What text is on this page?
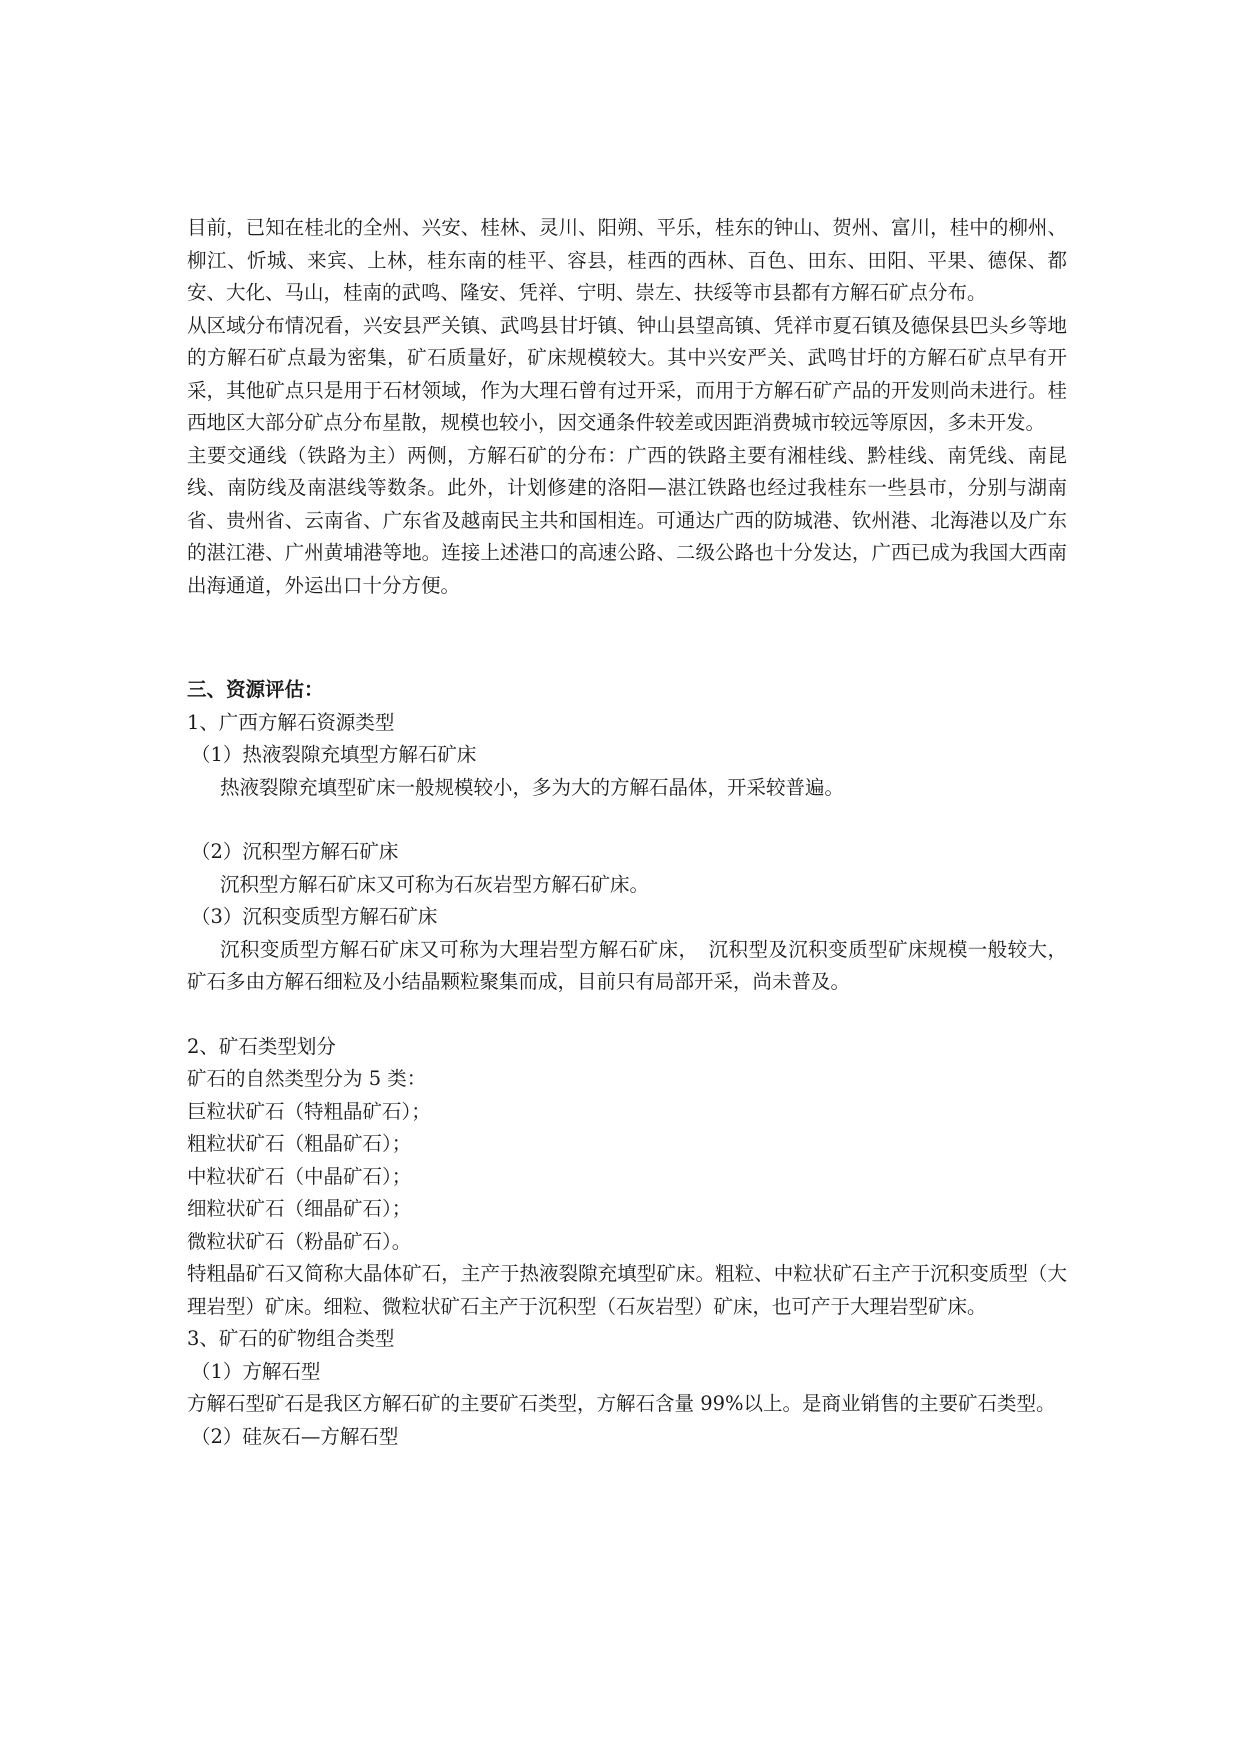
目前，已知在桂北的全州、兴安、桂林、灵川、阳朔、平乐，桂东的钟山、贺州、富川，桂中的柳州、柳江、忻城、来宾、上林，桂东南的桂平、容县，桂西的西林、百色、田东、田阳、平果、德保、都安、大化、马山，桂南的武鸣、隆安、凭祥、宁明、崇左、扶绥等市县都有方解石矿点分布。

从区域分布情况看，兴安县严关镇、武鸣县甘圩镇、钟山县望高镇、凭祥市夏石镇及德保县巴头乡等地的方解石矿点最为密集，矿石质量好，矿床规模较大。其中兴安严关、武鸣甘圩的方解石矿点早有开采，其他矿点只是用于石材领域，作为大理石曾有过开采，而用于方解石矿产品的开发则尚未进行。桂西地区大部分矿点分布星散，规模也较小，因交通条件较差或因距消费城市较远等原因，多未开发。

主要交通线（铁路为主）两侧，方解石矿的分布：广西的铁路主要有湘桂线、黔桂线、南凭线、南昆线、南防线及南湛线等数条。此外，计划修建的洛阳—湛江铁路也经过我桂东一些县市，分别与湖南省、贵州省、云南省、广东省及越南民主共和国相连。可通达广西的防城港、钦州港、北海港以及广东的湛江港、广州黄埔港等地。连接上述港口的高速公路、二级公路也十分发达，广西已成为我国大西南出海通道，外运出口十分方便。

三、资源评估：

1、广西方解石资源类型

（1）热液裂隙充填型方解石矿床

热液裂隙充填型矿床一般规模较小，多为大的方解石晶体，开采较普遍。

（2）沉积型方解石矿床

沉积型方解石矿床又可称为石灰岩型方解石矿床。

（3）沉积变质型方解石矿床

沉积变质型方解石矿床又可称为大理岩型方解石矿床，　沉积型及沉积变质型矿床规模一般较大，矿石多由方解石细粒及小结晶颗粒聚集而成，目前只有局部开采，尚未普及。

2、矿石类型划分

矿石的自然类型分为 5 类：

巨粒状矿石（特粗晶矿石）；

粗粒状矿石（粗晶矿石）；

中粒状矿石（中晶矿石）；

细粒状矿石（细晶矿石）；

微粒状矿石（粉晶矿石）。

特粗晶矿石又简称大晶体矿石，主产于热液裂隙充填型矿床。粗粒、中粒状矿石主产于沉积变质型（大理岩型）矿床。细粒、微粒状矿石主产于沉积型（石灰岩型）矿床，也可产于大理岩型矿床。

3、矿石的矿物组合类型

（1）方解石型

方解石型矿石是我区方解石矿的主要矿石类型，方解石含量 99%以上。是商业销售的主要矿石类型。

（2）硅灰石—方解石型
